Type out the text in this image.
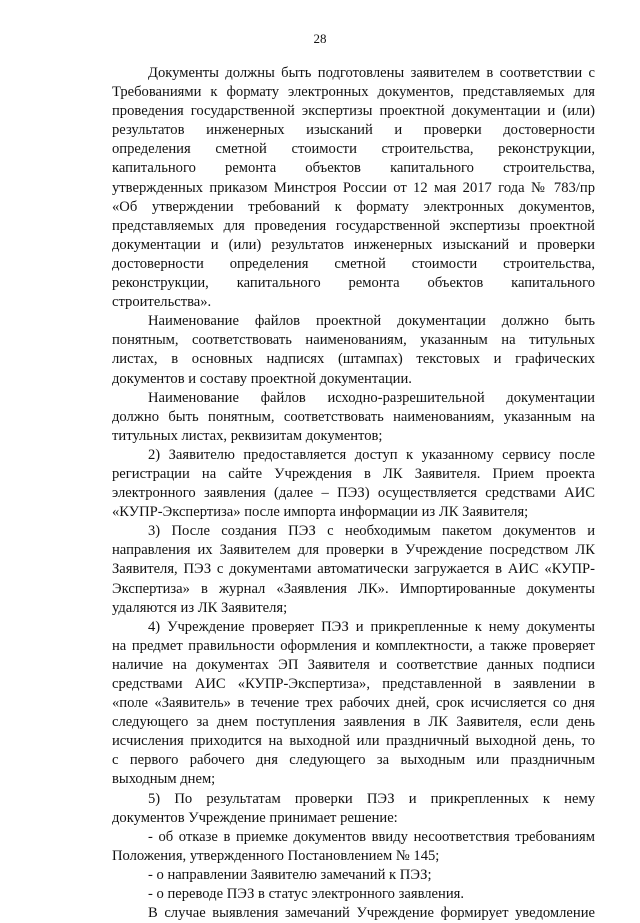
28
Документы должны быть подготовлены заявителем в соответствии с
Требованиями к формату электронных документов, представляемых для
проведения государственной экспертизы проектной документации и (или)
результатов инженерных изысканий и проверки достоверности
определения сметной стоимости строительства, реконструкции,
капитального ремонта объектов капитального строительства,
утвержденных приказом Минстроя России от 12 мая 2017 года № 783/пр
«Об утверждении требований к формату электронных документов,
представляемых для проведения государственной экспертизы проектной
документации и (или) результатов инженерных изысканий и проверки
достоверности определения сметной стоимости строительства,
реконструкции, капитального ремонта объектов капитального
строительства».
Наименование файлов проектной документации должно быть
понятным, соответствовать наименованиям, указанным на титульных
листах, в основных надписях (штампах) текстовых и графических
документов и составу проектной документации.
Наименование файлов исходно-разрешительной документации
должно быть понятным, соответствовать наименованиям, указанным на
титульных листах, реквизитам документов;
2) Заявителю предоставляется доступ к указанному сервису после
регистрации на сайте Учреждения в ЛК Заявителя. Прием проекта
электронного заявления (далее – ПЭЗ) осуществляется средствами АИС
«КУПР-Экспертиза» после импорта информации из ЛК Заявителя;
3) После создания ПЭЗ с необходимым пакетом документов и
направления их Заявителем для проверки в Учреждение посредством ЛК
Заявителя, ПЭЗ с документами автоматически загружается в АИС «КУПР-
Экспертиза» в журнал «Заявления ЛК». Импортированные документы
удаляются из ЛК Заявителя;
4) Учреждение проверяет ПЭЗ и прикрепленные к нему документы
на предмет правильности оформления и комплектности, а также проверяет
наличие на документах ЭП Заявителя и соответствие данных подписи
средствами АИС «КУПР-Экспертиза», представленной в заявлении в
«поле «Заявитель» в течение трех рабочих дней, срок исчисляется со дня
следующего за днем поступления заявления в ЛК Заявителя, если день
исчисления приходится на выходной или праздничный выходной день, то
с первого рабочего дня следующего за выходным или праздничным
выходным днем;
5) По результатам проверки ПЭЗ и прикрепленных к нему
документов Учреждение принимает решение:
- об отказе в приемке документов ввиду несоответствия требованиям
Положения, утвержденного Постановлением № 145;
- о направлении Заявителю замечаний к ПЭЗ;
- о переводе ПЭЗ в статус электронного заявления.
В случае выявления замечаний Учреждение формирует уведомление
